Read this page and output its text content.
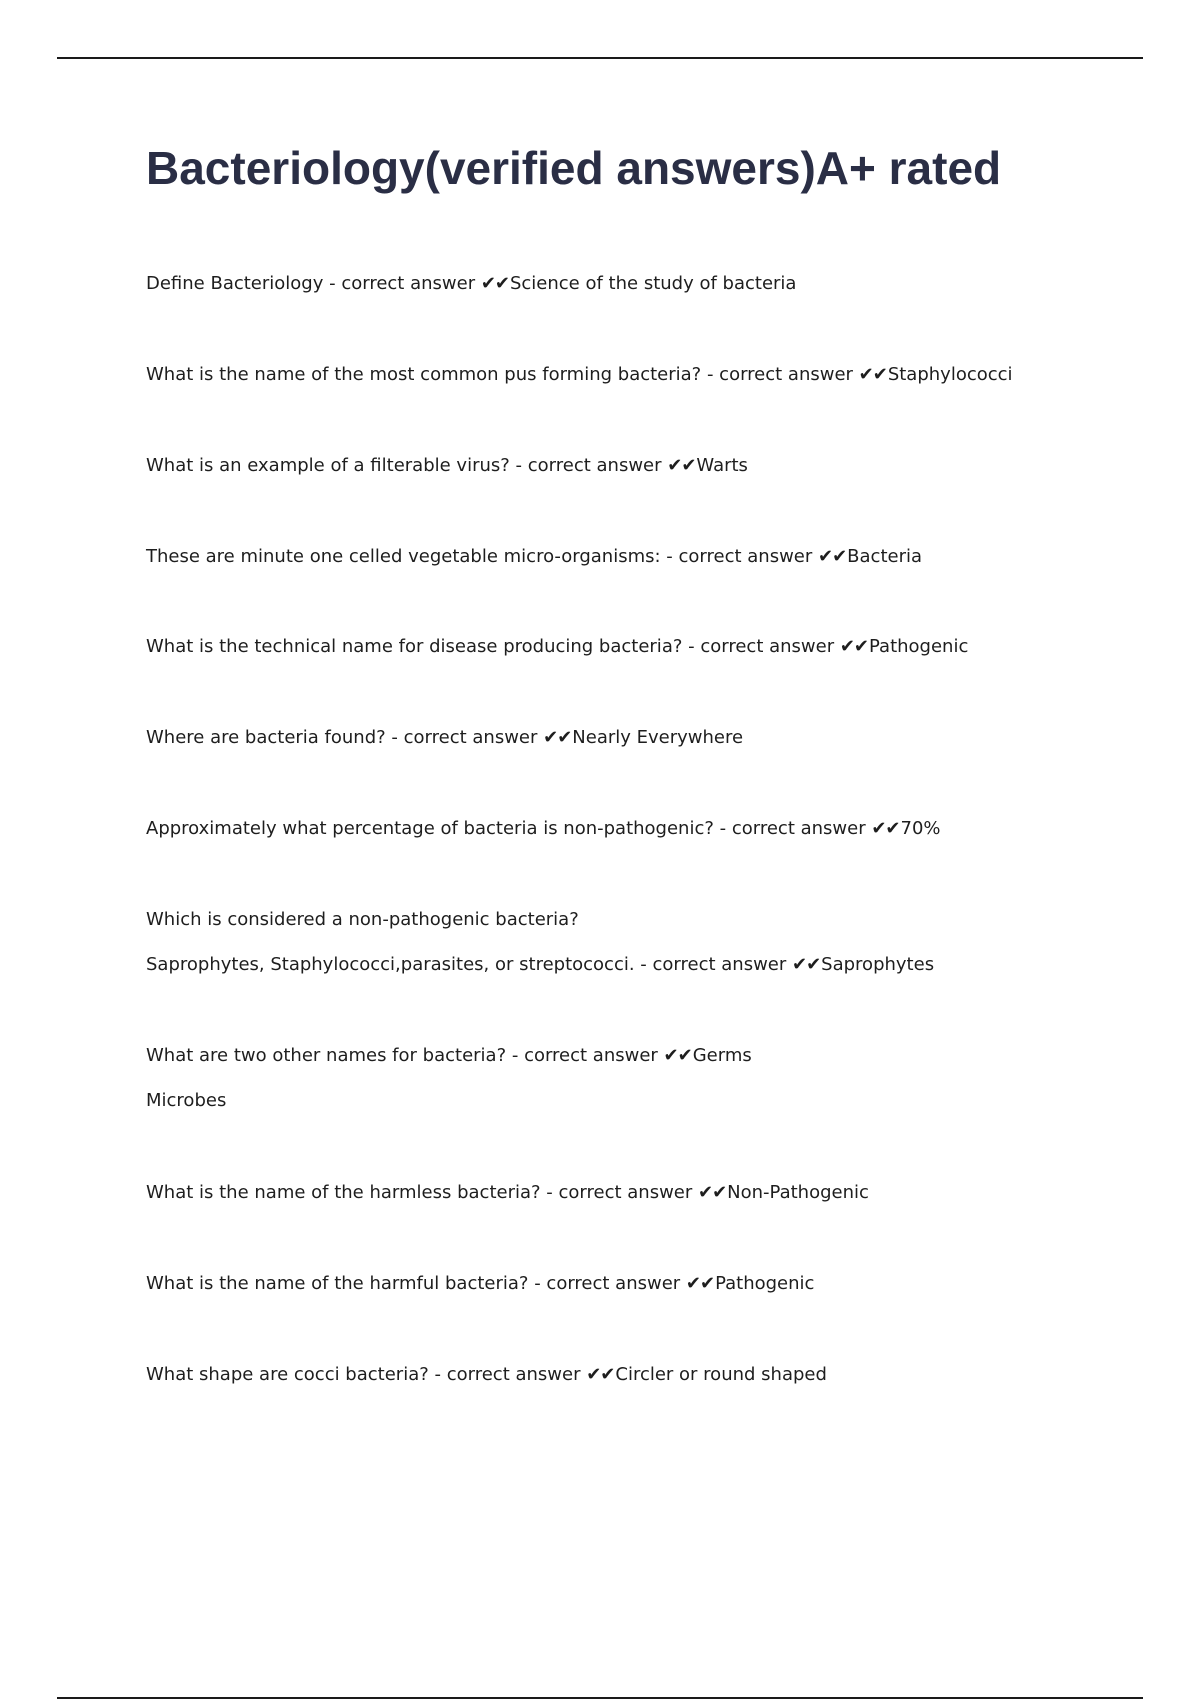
Bacteriology(verified answers)A+ rated

Define Bacteriology - correct answer ✔✔Science of the study of bacteria

What is the name of the most common pus forming bacteria? - correct answer ✔✔Staphylococci

What is an example of a filterable virus? - correct answer ✔✔Warts

These are minute one celled vegetable micro-organisms: - correct answer ✔✔Bacteria

What is the technical name for disease producing bacteria? - correct answer ✔✔Pathogenic

Where are bacteria found? - correct answer ✔✔Nearly Everywhere

Approximately what percentage of bacteria is non-pathogenic? - correct answer ✔✔70%

Which is considered a non-pathogenic bacteria?
Saprophytes, Staphylococci,parasites, or streptococci. - correct answer ✔✔Saprophytes

What are two other names for bacteria? - correct answer ✔✔Germs
Microbes

What is the name of the harmless bacteria? - correct answer ✔✔Non-Pathogenic

What is the name of the harmful bacteria? - correct answer ✔✔Pathogenic

What shape are cocci bacteria? - correct answer ✔✔Circler or round shaped
